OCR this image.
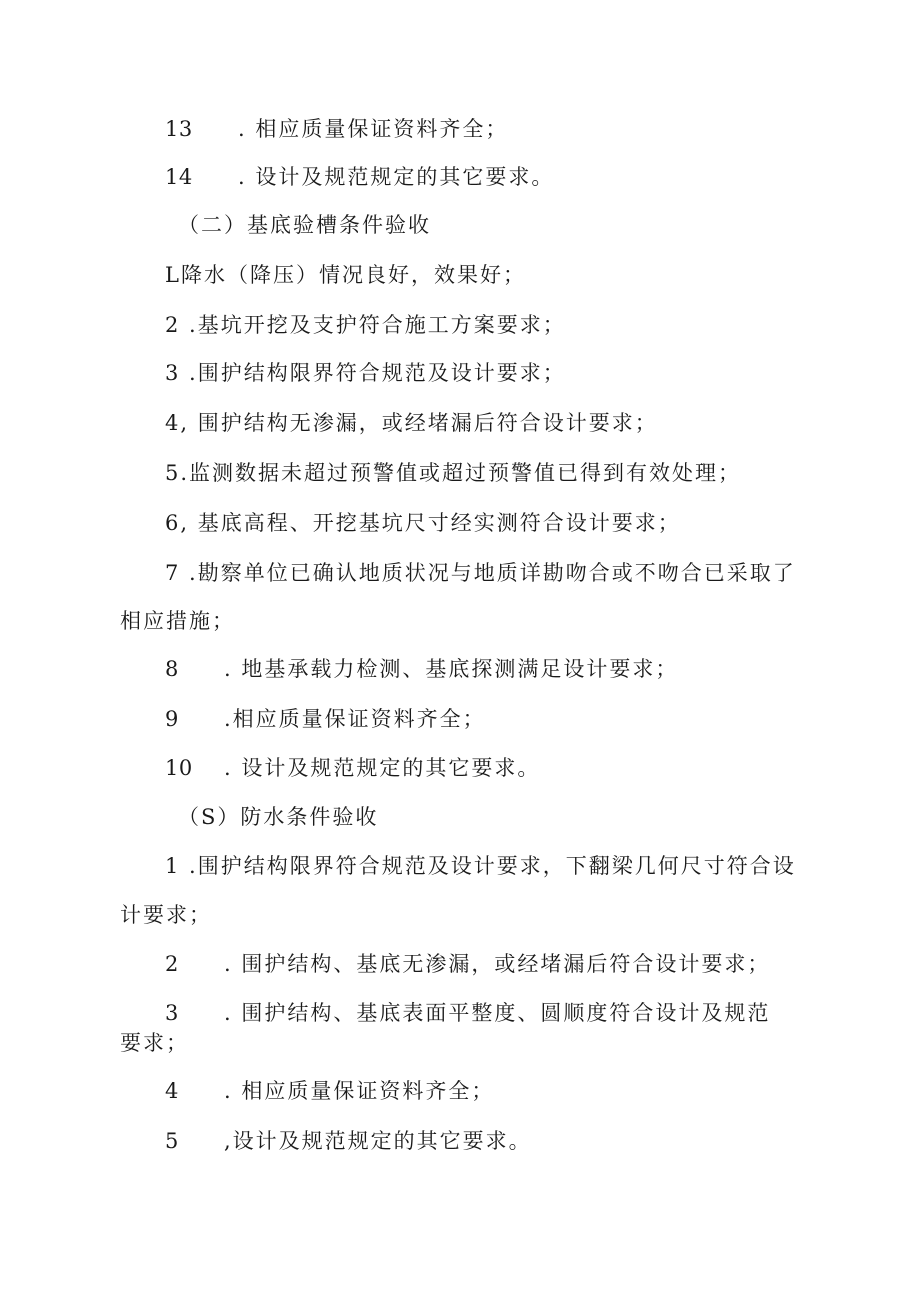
13 . 相应质量保证资料齐全；
14 . 设计及规范规定的其它要求。
（二）基底验槽条件验收
L降水（降压）情况良好，效果好；
2 .基坑开挖及支护符合施工方案要求；
3 .围护结构限界符合规范及设计要求；
4, 围护结构无渗漏，或经堵漏后符合设计要求；
5.监测数据未超过预警值或超过预警值已得到有效处理；
6, 基底高程、开挖基坑尺寸经实测符合设计要求；
7 .勘察单位已确认地质状况与地质详勘吻合或不吻合已采取了
相应措施；
8 . 地基承载力检测、基底探测满足设计要求；
9 .相应质量保证资料齐全；
10 . 设计及规范规定的其它要求。
（S）防水条件验收
1 .围护结构限界符合规范及设计要求，下翻梁几何尺寸符合设
计要求；
2 . 围护结构、基底无渗漏，或经堵漏后符合设计要求；
3 . 围护结构、基底表面平整度、圆顺度符合设计及规范
要求；
4 . 相应质量保证资料齐全；
5 ,设计及规范规定的其它要求。
